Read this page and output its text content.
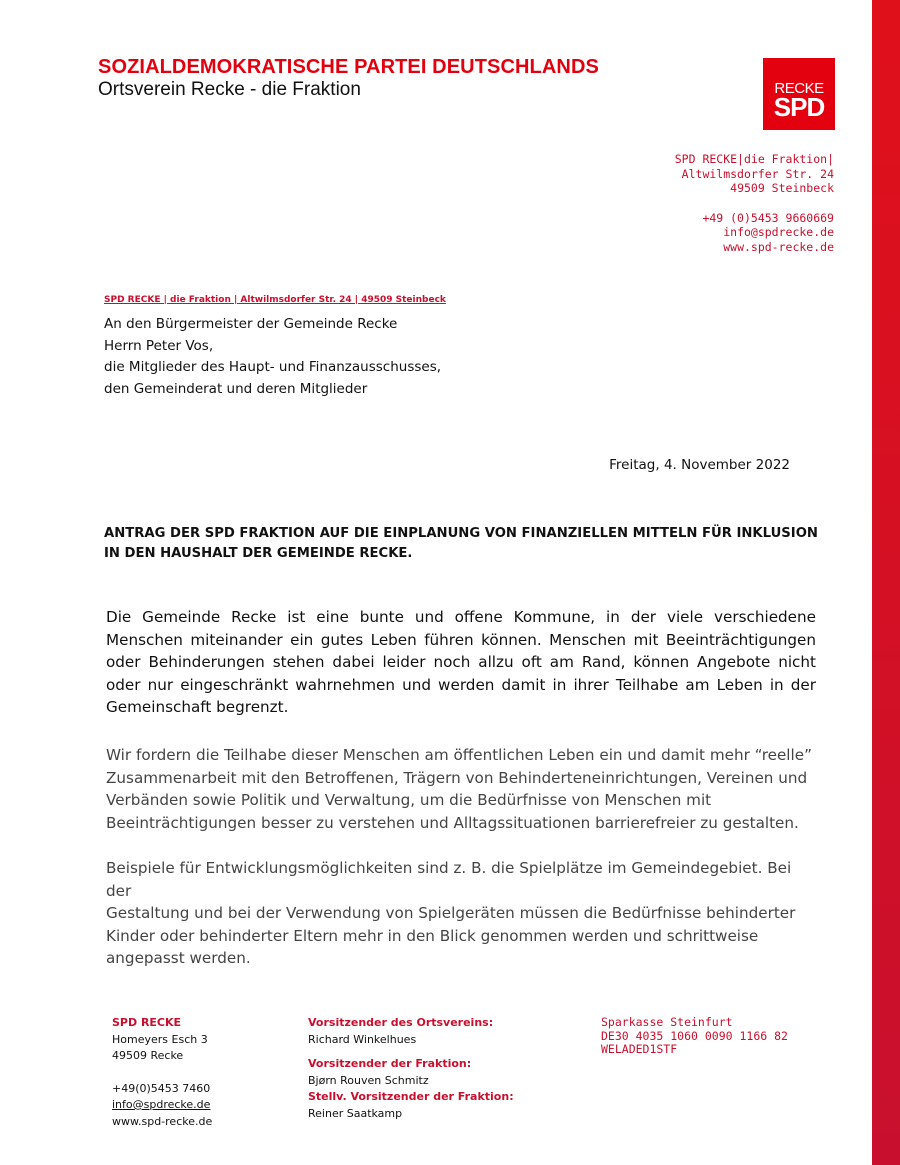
SOZIALDEMOKRATISCHE PARTEI DEUTSCHLANDS
Ortsverein Recke - die Fraktion	RECKE
SPD
SPD RECKE|die Fraktion|
Altwilmsdorfer Str. 24
49509 Steinbeck
+49 (0)5453 9660669
info@spdrecke.de
www.spd-recke.de
SPD RECKE | die Fraktion | Altwilmsdorfer Str. 24 | 49509 Steinbeck
An den Bürgermeister der Gemeinde Recke
Herrn Peter Vos,
die Mitglieder des Haupt- und Finanzausschusses,
den Gemeinderat und deren Mitglieder
Freitag, 4. November 2022
ANTRAG DER SPD FRAKTION AUF DIE EINPLANUNG VON FINANZIELLEN MITTELN FÜR INKLUSION
IN DEN HAUSHALT DER GEMEINDE RECKE.
Die Gemeinde Recke ist eine bunte und offene Kommune, in der viele verschiedene Menschen miteinander ein gutes Leben führen können. Menschen mit Beeinträchtigungen oder Behinderungen stehen dabei leider noch allzu oft am Rand, können Angebote nicht oder nur eingeschränkt wahrnehmen und werden damit in ihrer Teilhabe am Leben in der Gemeinschaft begrenzt.
Wir fordern die Teilhabe dieser Menschen am öffentlichen Leben ein und damit mehr “reelle”
Zusammenarbeit mit den Betroffenen, Trägern von Behinderteneinrichtungen, Vereinen und
Verbänden sowie Politik und Verwaltung, um die Bedürfnisse von Menschen mit
Beeinträchtigungen besser zu verstehen und Alltagssituationen barrierefreier zu gestalten.
Beispiele für Entwicklungsmöglichkeiten sind z. B. die Spielplätze im Gemeindegebiet. Bei der
Gestaltung und bei der Verwendung von Spielgeräten müssen die Bedürfnisse behinderter
Kinder oder behinderter Eltern mehr in den Blick genommen werden und schrittweise
angepasst werden.
SPD RECKE
Homeyers Esch 3
49509 Recke
+49(0)5453 7460
info@spdrecke.de
www.spd-recke.de
Vorsitzender des Ortsvereins:
Richard Winkelhues
Vorsitzender der Fraktion:
Bjørn Rouven Schmitz
Stellv. Vorsitzender der Fraktion:
Reiner Saatkamp
Sparkasse Steinfurt
DE30 4035 1060 0090 1166 82
WELADED1STF
